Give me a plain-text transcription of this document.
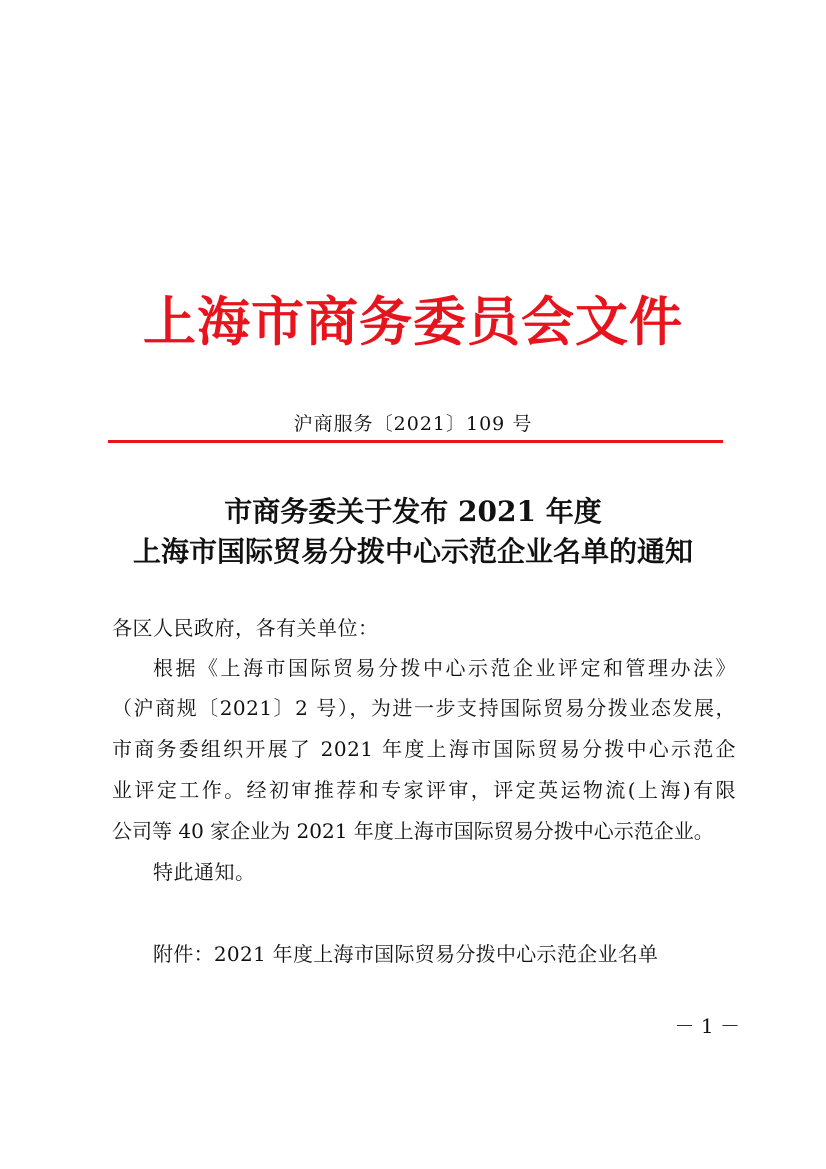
上海市商务委员会文件
沪商服务〔2021〕109 号
市商务委关于发布 2021 年度
上海市国际贸易分拨中心示范企业名单的通知
各区人民政府，各有关单位：
根据《上海市国际贸易分拨中心示范企业评定和管理办法》
（沪商规〔2021〕2 号），为进一步支持国际贸易分拨业态发展，
市商务委组织开展了 2021 年度上海市国际贸易分拨中心示范企
业评定工作。经初审推荐和专家评审，评定英运物流(上海)有限
公司等 40 家企业为 2021 年度上海市国际贸易分拨中心示范企业。
特此通知。
附件：2021 年度上海市国际贸易分拨中心示范企业名单
－ 1 －
